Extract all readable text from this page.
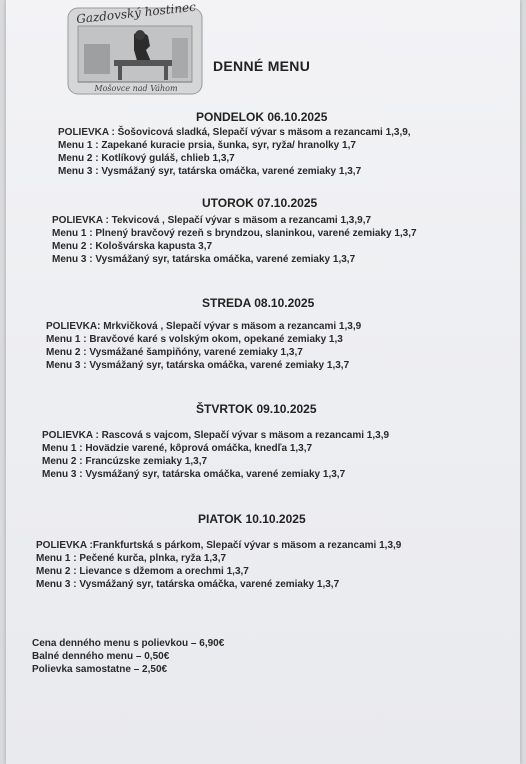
Gazdovský hostinec
Mošovce nad Váhom
DENNÉ MENU
PONDELOK 06.10.2025
POLIEVKA : Šošovicová sladká, Slepačí vývar s mäsom a rezancami 1,3,9,
Menu 1 : Zapekané kuracie prsia, šunka, syr, ryža/ hranolky 1,7
Menu 2 : Kotlíkový guláš, chlieb 1,3,7
Menu 3 : Vysmážaný syr, tatárska omáčka, varené zemiaky 1,3,7
UTOROK 07.10.2025
POLIEVKA : Tekvicová , Slepačí vývar s mäsom a rezancami 1,3,9,7
Menu 1 : Plnený bravčový rezeň s bryndzou, slaninkou, varené zemiaky 1,3,7
Menu 2 : Kološvárska kapusta 3,7
Menu 3 : Vysmážaný syr, tatárska omáčka, varené zemiaky 1,3,7
STREDA 08.10.2025
POLIEVKA: Mrkvičková , Slepačí vývar s mäsom a rezancami 1,3,9
Menu 1 : Bravčové karé s volským okom, opekané zemiaky 1,3
Menu 2 : Vysmážané šampiňóny, varené zemiaky 1,3,7
Menu 3 : Vysmážaný syr, tatárska omáčka, varené zemiaky 1,3,7
ŠTVRTOK 09.10.2025
POLIEVKA : Rascová s vajcom, Slepačí vývar s mäsom a rezancami 1,3,9
Menu 1 : Hovädzie varené, kôprová omáčka, knedľa 1,3,7
Menu 2 : Francúzske zemiaky 1,3,7
Menu 3 : Vysmážaný syr, tatárska omáčka, varené zemiaky 1,3,7
PIATOK 10.10.2025
POLIEVKA :Frankfurtská s párkom, Slepačí vývar s mäsom a rezancami 1,3,9
Menu 1 : Pečené kurča, plnka, ryža 1,3,7
Menu 2 : Lievance s džemom a orechmi 1,3,7
Menu 3 : Vysmážaný syr, tatárska omáčka, varené zemiaky 1,3,7
Cena denného menu s polievkou – 6,90€
Balné denného menu – 0,50€
Polievka samostatne – 2,50€
